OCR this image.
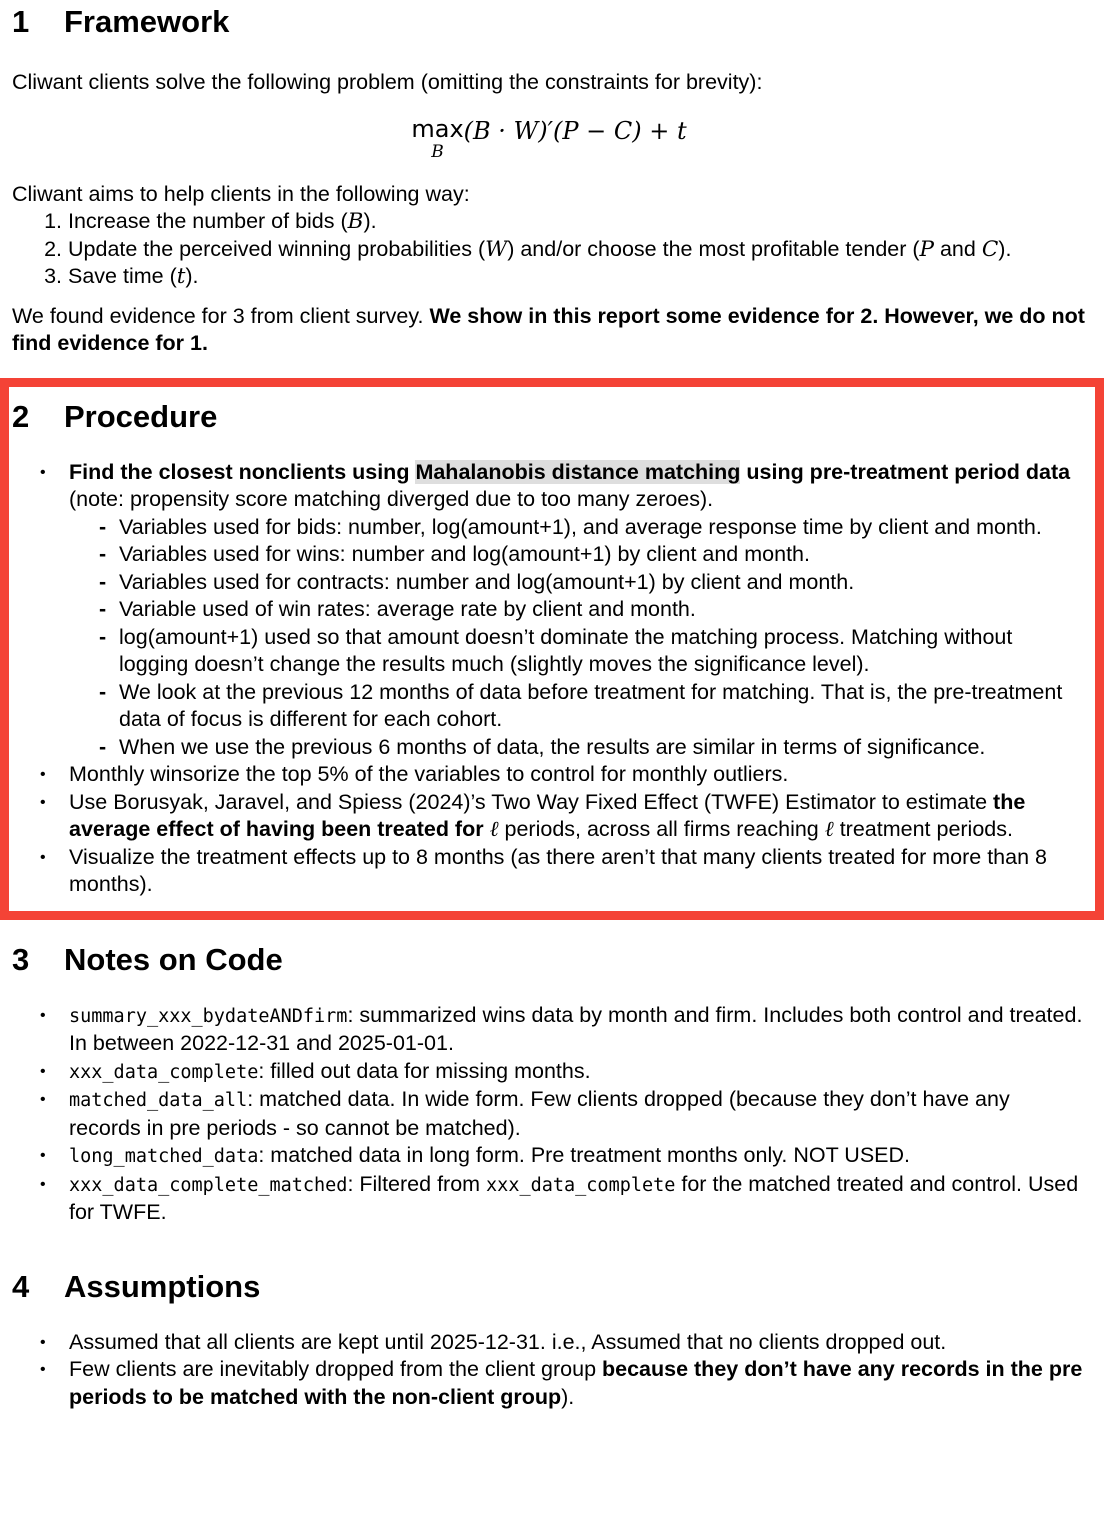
1 Framework

Cliwant clients solve the following problem (omitting the constraints for brevity):

max
B
(B · W)′(P − C) + t

Cliwant aims to help clients in the following way:

1. Increase the number of bids (B).
2. Update the perceived winning probabilities (W) and/or choose the most profitable tender (P and C).
3. Save time (t).

We found evidence for 3 from client survey. We show in this report some evidence for 2. However, we do not find evidence for 1.

2 Procedure
• Find the closest nonclients using Mahalanobis distance matching using pre-treatment period data (note: propensity score matching diverged due to too many zeroes).
- Variables used for bids: number, log(amount+1), and average response time by client and month.
- Variables used for wins: number and log(amount+1) by client and month.
- Variables used for contracts: number and log(amount+1) by client and month.
- Variable used of win rates: average rate by client and month.
- log(amount+1) used so that amount doesn’t dominate the matching process. Matching without logging doesn’t change the results much (slightly moves the significance level).
- We look at the previous 12 months of data before treatment for matching. That is, the pre-treatment data of focus is different for each cohort.
- When we use the previous 6 months of data, the results are similar in terms of significance.
• Monthly winsorize the top 5% of the variables to control for monthly outliers.
• Use Borusyak, Jaravel, and Spiess (2024)’s Two Way Fixed Effect (TWFE) Estimator to estimate the average effect of having been treated for ℓ periods, across all firms reaching ℓ treatment periods.
• Visualize the treatment effects up to 8 months (as there aren’t that many clients treated for more than 8 months).
3 Notes on Code
• summary_xxx_bydateANDfirm: summarized wins data by month and firm. Includes both control and treated. In between 2022-12-31 and 2025-01-01.
• xxx_data_complete: filled out data for missing months.
• matched_data_all: matched data. In wide form. Few clients dropped (because they don’t have any records in pre periods - so cannot be matched).
• long_matched_data: matched data in long form. Pre treatment months only. NOT USED.
• xxx_data_complete_matched: Filtered from xxx_data_complete for the matched treated and control. Used for TWFE.
4 Assumptions
• Assumed that all clients are kept until 2025-12-31. i.e., Assumed that no clients dropped out.
• Few clients are inevitably dropped from the client group because they don’t have any records in the pre periods to be matched with the non-client group).
